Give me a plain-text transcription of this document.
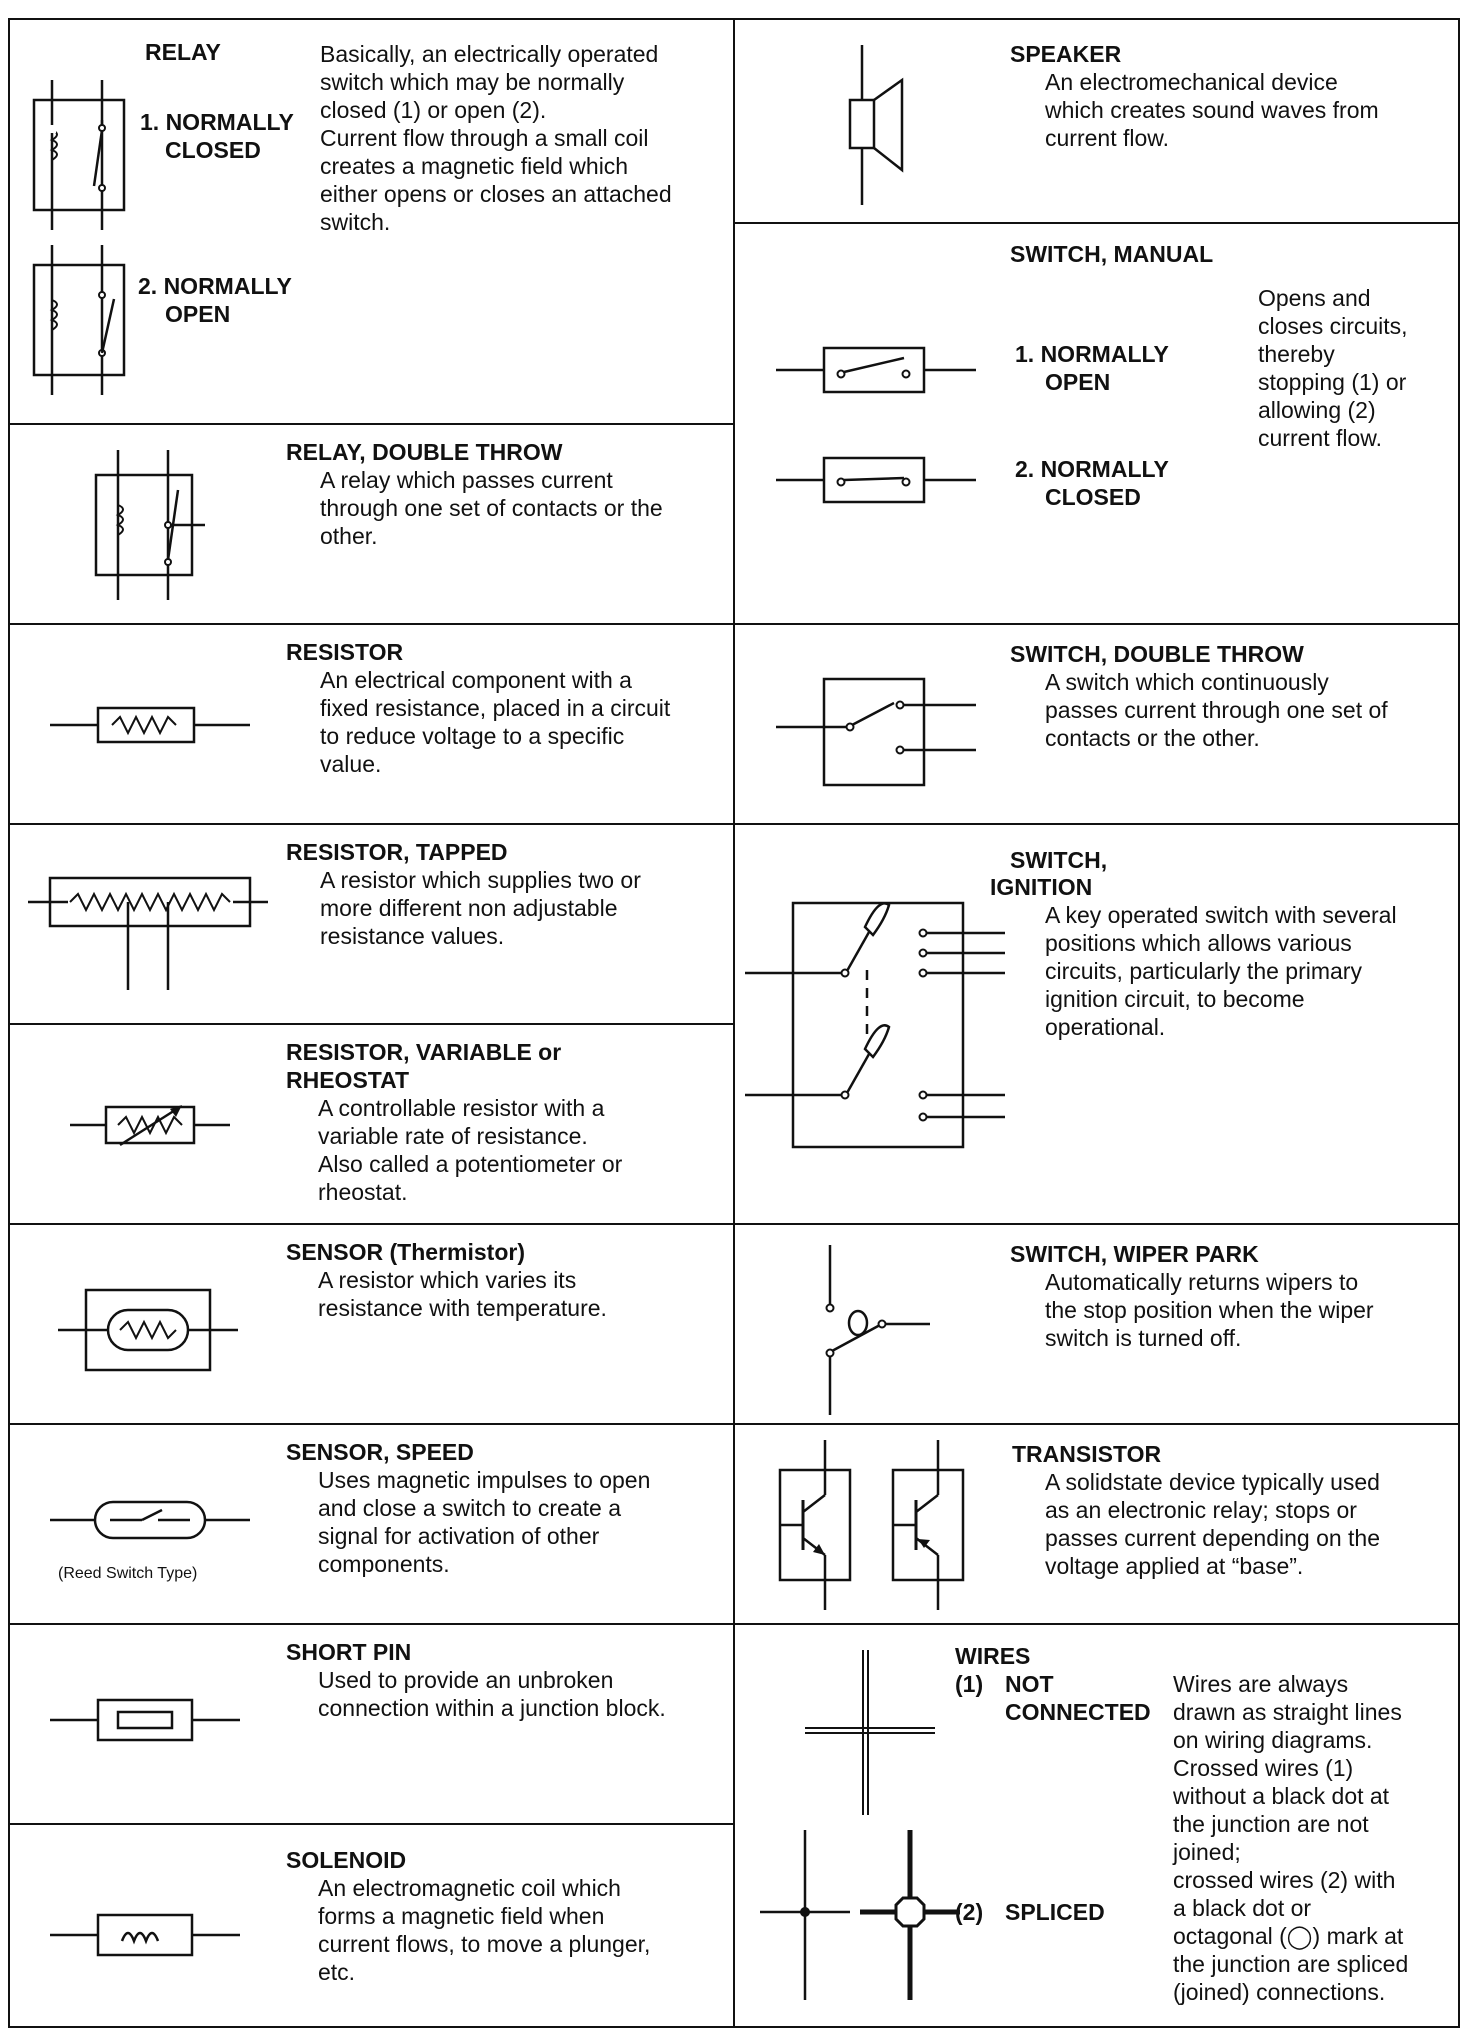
RELAY	Basically, an electrically operated
switch which may be normally
closed (1) or open (2).
Current flow through a small coil
creates a magnetic field which
either opens or closes an attached
switch.
1. NORMALLY
CLOSED
2. NORMALLY
OPEN
RELAY, DOUBLE THROW
A relay which passes current
through one set of contacts or the
other.
RESISTOR
An electrical component with a
fixed resistance, placed in a circuit
to reduce voltage to a specific
value.
RESISTOR, TAPPED
A resistor which supplies two or
more different non adjustable
resistance values.
RESISTOR, VARIABLE or
RHEOSTAT
A controllable resistor with a
variable rate of resistance.
Also called a potentiometer or
rheostat.
SENSOR (Thermistor)
A resistor which varies its
resistance with temperature.
SENSOR, SPEED
Uses magnetic impulses to open
and close a switch to create a
signal for activation of other
components.
(Reed Switch Type)
SHORT PIN
Used to provide an unbroken
connection within a junction block.
SOLENOID
An electromagnetic coil which
forms a magnetic field when
current flows, to move a plunger,
etc.
SPEAKER
An electromechanical device
which creates sound waves from
current flow.
SWITCH, MANUAL
1. NORMALLY
OPEN
2. NORMALLY
CLOSED
Opens and
closes circuits,
thereby
stopping (1) or
allowing (2)
current flow.
SWITCH, DOUBLE THROW
A switch which continuously
passes current through one set of
contacts or the other.
SWITCH,
IGNITION
A key operated switch with several
positions which allows various
circuits, particularly the primary
ignition circuit, to become
operational.
SWITCH, WIPER PARK
Automatically returns wipers to
the stop position when the wiper
switch is turned off.
TRANSISTOR
A solidstate device typically used
as an electronic relay; stops or
passes current depending on the
voltage applied at “base”.
WIRES
(1) NOT
CONNECTED
(2) SPLICED
Wires are always
drawn as straight lines
on wiring diagrams.
Crossed wires (1)
without a black dot at
the junction are not
joined;
crossed wires (2) with
a black dot or
octagonal (◯) mark at
the junction are spliced
(joined) connections.
